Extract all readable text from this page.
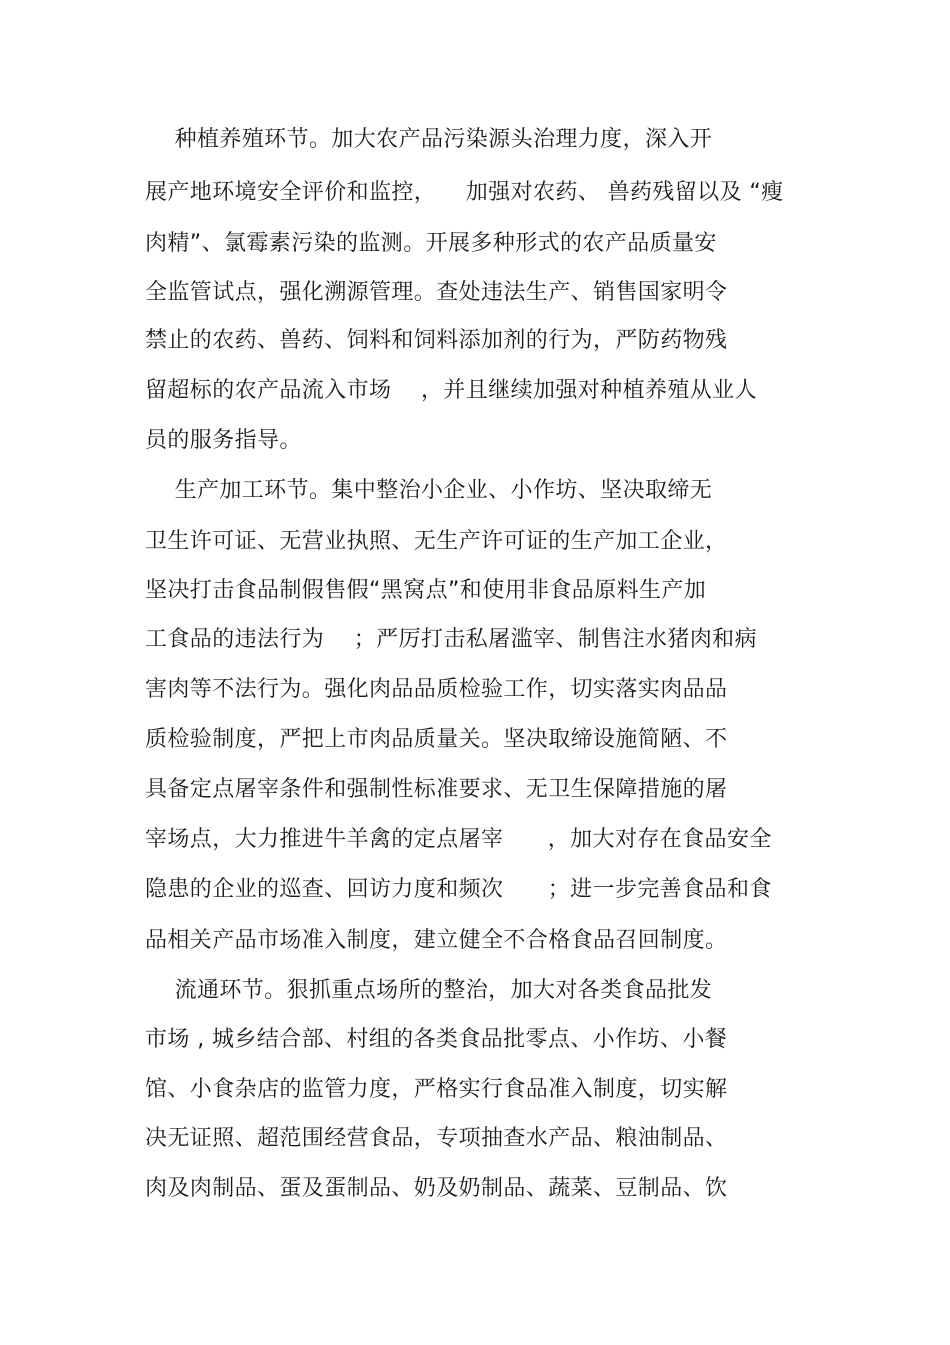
种植养殖环节。加大农产品污染源头治理力度，深入开
展产地环境安全评价和监控，    加强对农药、 兽药残留以及 “瘦
肉精”、氯霉素污染的监测。开展多种形式的农产品质量安
全监管试点，强化溯源管理。查处违法生产、销售国家明令
禁止的农药、兽药、饲料和饲料添加剂的行为，严防药物残
留超标的农产品流入市场    ，并且继续加强对种植养殖从业人
员的服务指导。
生产加工环节。集中整治小企业、小作坊、坚决取缔无
卫生许可证、无营业执照、无生产许可证的生产加工企业，
坚决打击食品制假售假“黑窝点”和使用非食品原料生产加
工食品的违法行为    ；严厉打击私屠滥宰、制售注水猪肉和病
害肉等不法行为。强化肉品品质检验工作，切实落实肉品品
质检验制度，严把上市肉品质量关。坚决取缔设施简陋、不
具备定点屠宰条件和强制性标准要求、无卫生保障措施的屠
宰场点，大力推进牛羊禽的定点屠宰      ，加大对存在食品安全
隐患的企业的巡查、回访力度和频次      ；进一步完善食品和食
品相关产品市场准入制度，建立健全不合格食品召回制度。
流通环节。狠抓重点场所的整治，加大对各类食品批发
市场 , 城乡结合部、村组的各类食品批零点、小作坊、小餐
馆、小食杂店的监管力度，严格实行食品准入制度，切实解
决无证照、超范围经营食品，专项抽查水产品、粮油制品、
肉及肉制品、蛋及蛋制品、奶及奶制品、蔬菜、豆制品、饮
